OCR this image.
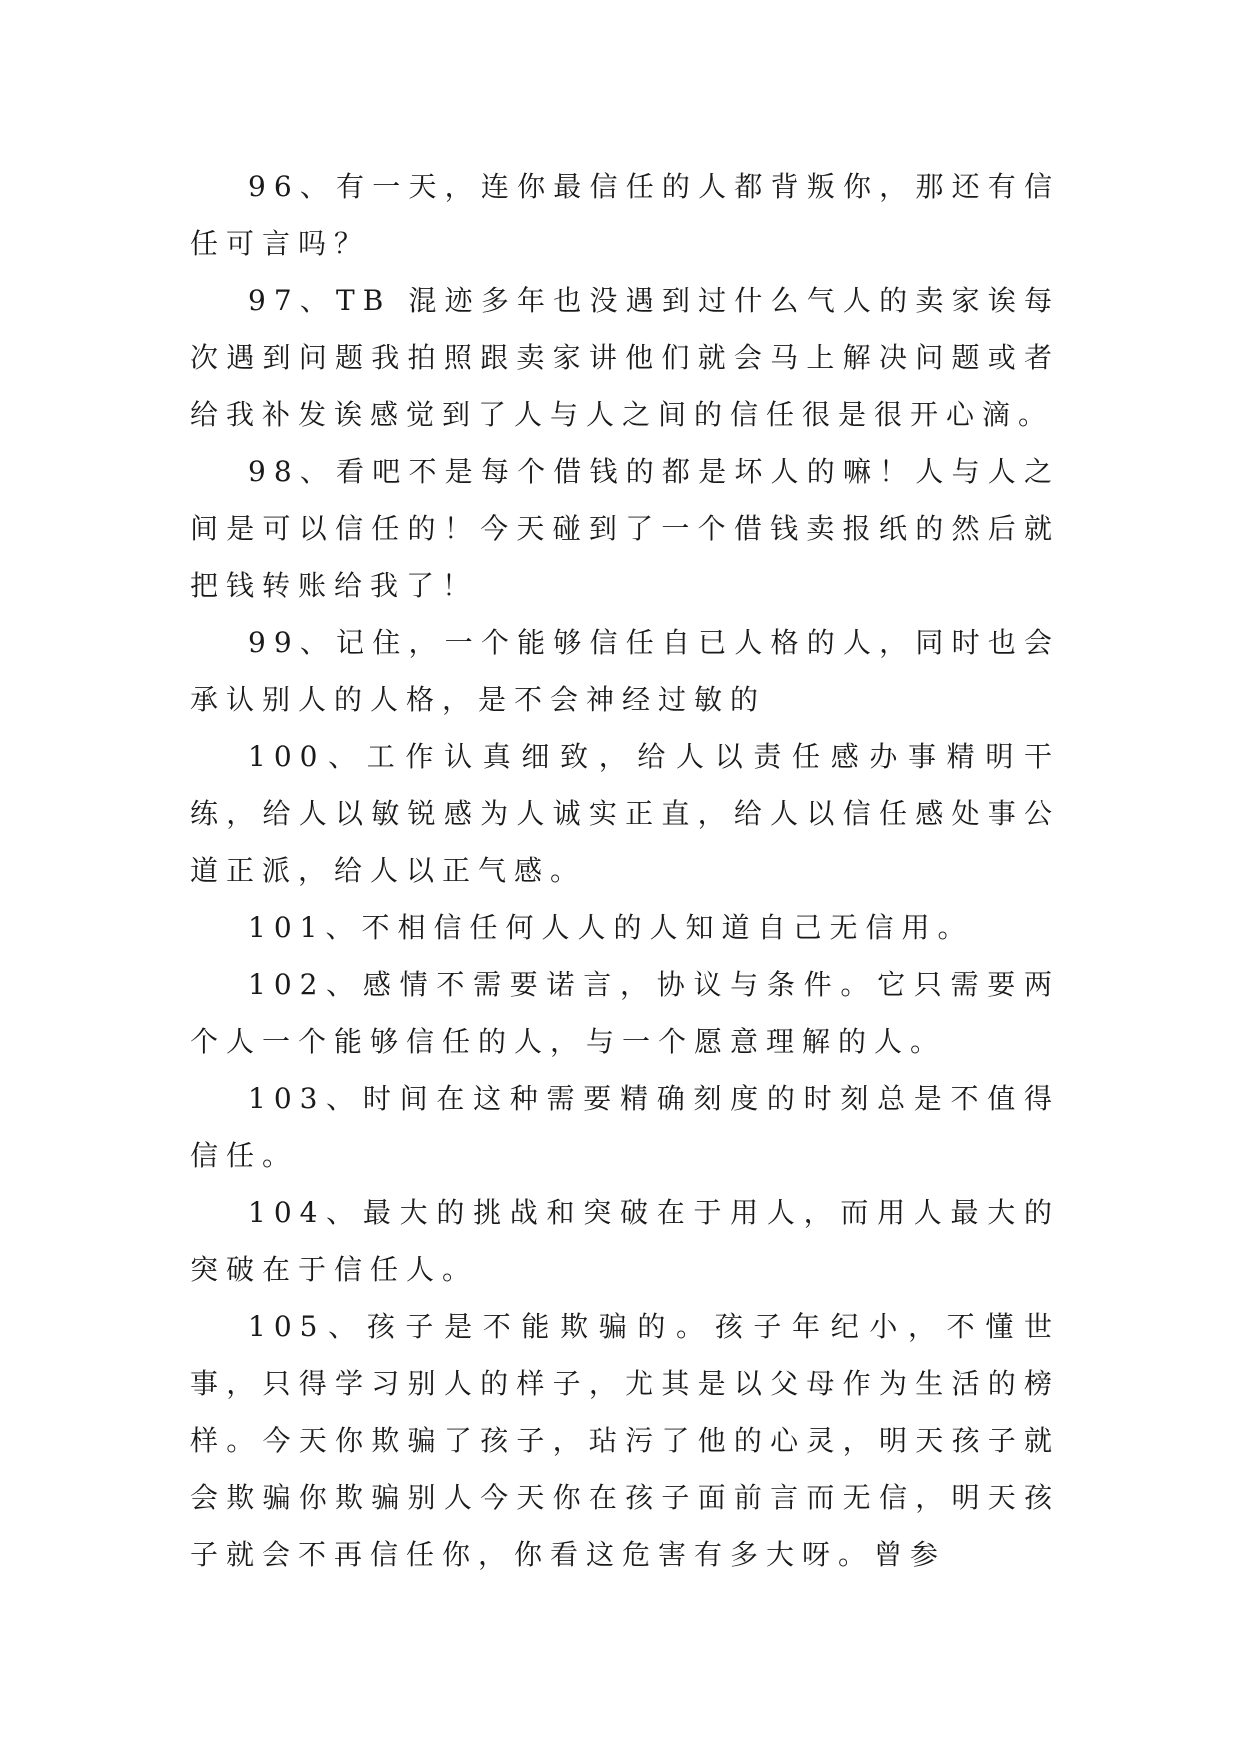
96、有一天，连你最信任的人都背叛你，那还有信任可言吗？

97、TB 混迹多年也没遇到过什么气人的卖家诶每次遇到问题我拍照跟卖家讲他们就会马上解决问题或者给我补发诶感觉到了人与人之间的信任很是很开心滴。

98、看吧不是每个借钱的都是坏人的嘛！人与人之间是可以信任的！今天碰到了一个借钱卖报纸的然后就把钱转账给我了！

99、记住，一个能够信任自已人格的人，同时也会承认别人的人格，是不会神经过敏的

100、工作认真细致，给人以责任感办事精明干练，给人以敏锐感为人诚实正直，给人以信任感处事公道正派，给人以正气感。

101、不相信任何人人的人知道自己无信用。

102、感情不需要诺言，协议与条件。它只需要两个人一个能够信任的人，与一个愿意理解的人。

103、时间在这种需要精确刻度的时刻总是不值得信任。

104、最大的挑战和突破在于用人，而用人最大的突破在于信任人。

105、孩子是不能欺骗的。孩子年纪小，不懂世事，只得学习别人的样子，尤其是以父母作为生活的榜样。今天你欺骗了孩子，玷污了他的心灵，明天孩子就会欺骗你欺骗别人今天你在孩子面前言而无信，明天孩子就会不再信任你，你看这危害有多大呀。曾参
